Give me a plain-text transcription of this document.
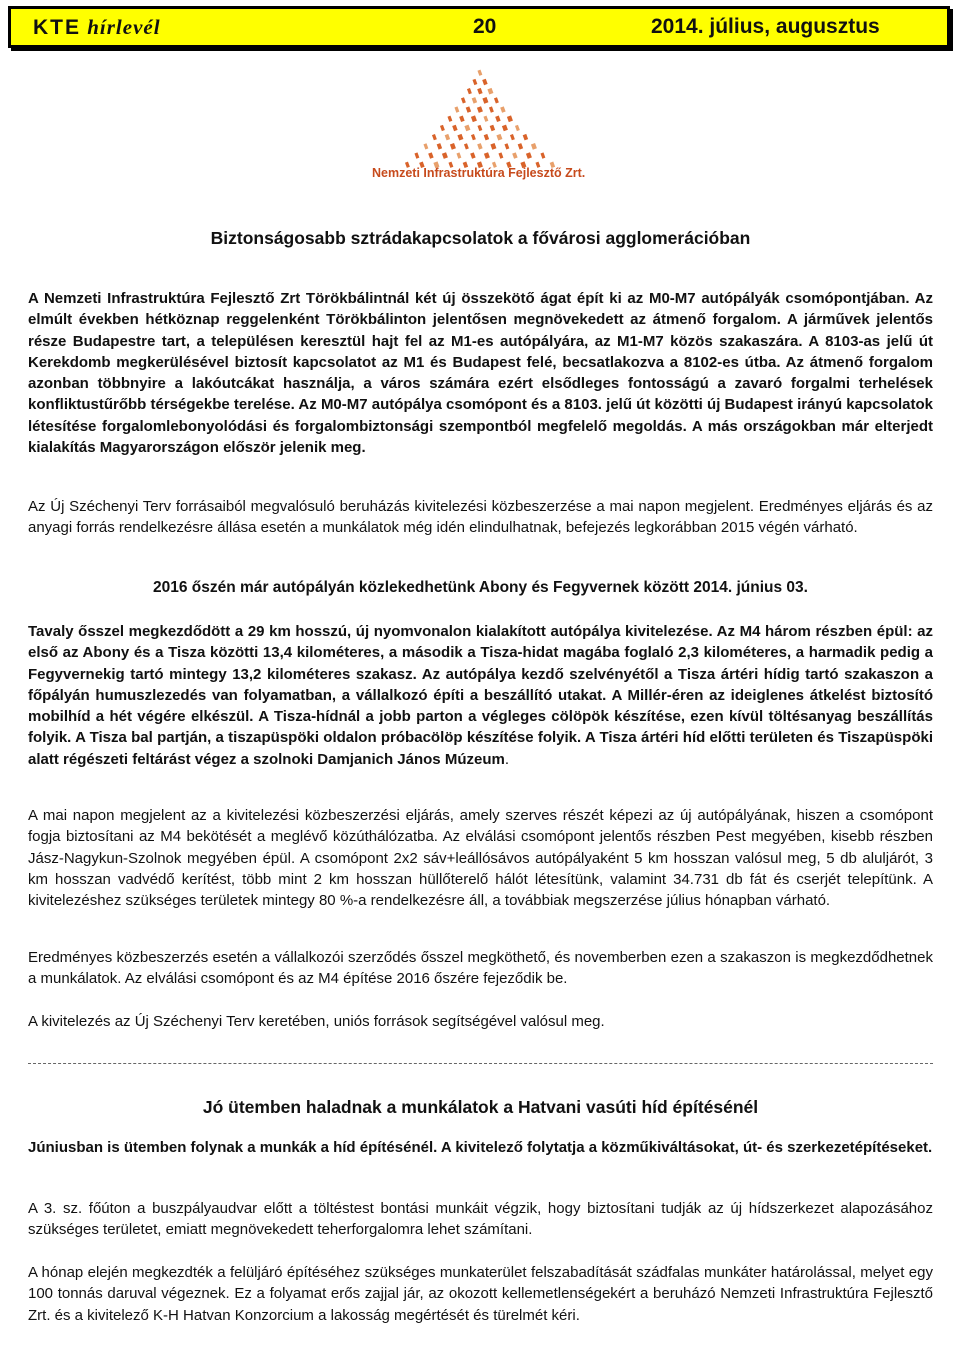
KTE hírlevél	20	2014. július, augusztus
Nemzeti Infrastruktúra Fejlesztő Zrt.
Biztonságosabb sztrádakapcsolatok a fővárosi agglomerációban

A Nemzeti Infrastruktúra Fejlesztő Zrt Törökbálintnál két új összekötő ágat épít ki az M0-M7 autópályák csomópontjában. Az elmúlt években hétköznap reggelenként Törökbálinton jelentősen megnövekedett az átmenő forgalom. A járművek jelentős része Budapestre tart, a településen keresztül hajt fel az M1-es autópályára, az M1-M7 közös szakaszára. A 8103-as jelű út Kerekdomb megkerülésével biztosít kapcsolatot az M1 és Budapest felé, becsatlakozva a 8102-es útba. Az átmenő forgalom azonban többnyire a lakóutcákat használja, a város számára ezért elsődleges fontosságú a zavaró forgalmi terhelések konfliktustűrőbb térségekbe terelése. Az M0-M7 autópálya csomópont és a 8103. jelű út közötti új Budapest irányú kapcsolatok létesítése forgalomlebonyolódási és forgalombiztonsági szempontból megfelelő megoldás. A más országokban már elterjedt kialakítás Magyarországon először jelenik meg.

Az Új Széchenyi Terv forrásaiból megvalósuló beruházás kivitelezési közbeszerzése a mai napon megjelent. Eredményes eljárás és az anyagi forrás rendelkezésre állása esetén a munkálatok még idén elindulhatnak, befejezés legkorábban 2015 végén várható.

2016 őszén már autópályán közlekedhetünk Abony és Fegyvernek között 2014. június 03.

Tavaly ősszel megkezdődött a 29 km hosszú, új nyomvonalon kialakított autópálya kivitelezése. Az M4 három részben épül: az első az Abony és a Tisza közötti 13,4 kilométeres, a második a Tisza-hidat magába foglaló 2,3 kilométeres, a harmadik pedig a Fegyvernekig tartó mintegy 13,2 kilométeres szakasz. Az autópálya kezdő szelvényétől a Tisza ártéri hídig tartó szakaszon a főpályán humuszlezedés van folyamatban, a vállalkozó építi a beszállító utakat. A Millér-éren az ideiglenes átkelést biztosító mobilhíd a hét végére elkészül. A Tisza-hídnál a jobb parton a végleges cölöpök készítése, ezen kívül töltésanyag beszállítás folyik. A Tisza bal partján, a tiszapüspöki oldalon próbacölöp készítése folyik. A Tisza ártéri híd előtti területen és Tiszapüspöki alatt régészeti feltárást végez a szolnoki Damjanich János Múzeum.

A mai napon megjelent az a kivitelezési közbeszerzési eljárás, amely szerves részét képezi az új autópályának, hiszen a csomópont fogja biztosítani az M4 bekötését a meglévő közúthálózatba. Az elválási csomópont jelentős részben Pest megyében, kisebb részben Jász-Nagykun-Szolnok megyében épül. A csomópont 2x2 sáv+leállósávos autópályaként 5 km hosszan valósul meg, 5 db aluljárót, 3 km hosszan vadvédő kerítést, több mint 2 km hosszan hüllőterelő hálót létesítünk, valamint 34.731 db fát és cserjét telepítünk. A kivitelezéshez szükséges területek mintegy 80 %-a rendelkezésre áll, a továbbiak megszerzése július hónapban várható.

Eredményes közbeszerzés esetén a vállalkozói szerződés ősszel megköthető, és novemberben ezen a szakaszon is megkezdődhetnek a munkálatok. Az elválási csomópont és az M4 építése 2016 őszére fejeződik be.

A kivitelezés az Új Széchenyi Terv keretében, uniós források segítségével valósul meg.

Jó ütemben haladnak a munkálatok a Hatvani vasúti híd építésénél

Júniusban is ütemben folynak a munkák a híd építésénél. A kivitelező folytatja a közműkiváltásokat, út- és szerkezetépítéseket.

A 3. sz. főúton a buszpályaudvar előtt a töltéstest bontási munkáit végzik, hogy biztosítani tudják az új hídszerkezet alapozásához szükséges területet, emiatt megnövekedett teherforgalomra lehet számítani.

A hónap elején megkezdték a felüljáró építéséhez szükséges munkaterület felszabadítását szádfalas munkáter határolással, melyet egy 100 tonnás daruval végeznek. Ez a folyamat erős zajjal jár, az okozott kellemetlenségekért a beruházó Nemzeti Infrastruktúra Fejlesztő Zrt. és a kivitelező K-H Hatvan Konzorcium a lakosság megértését és türelmét kéri.
